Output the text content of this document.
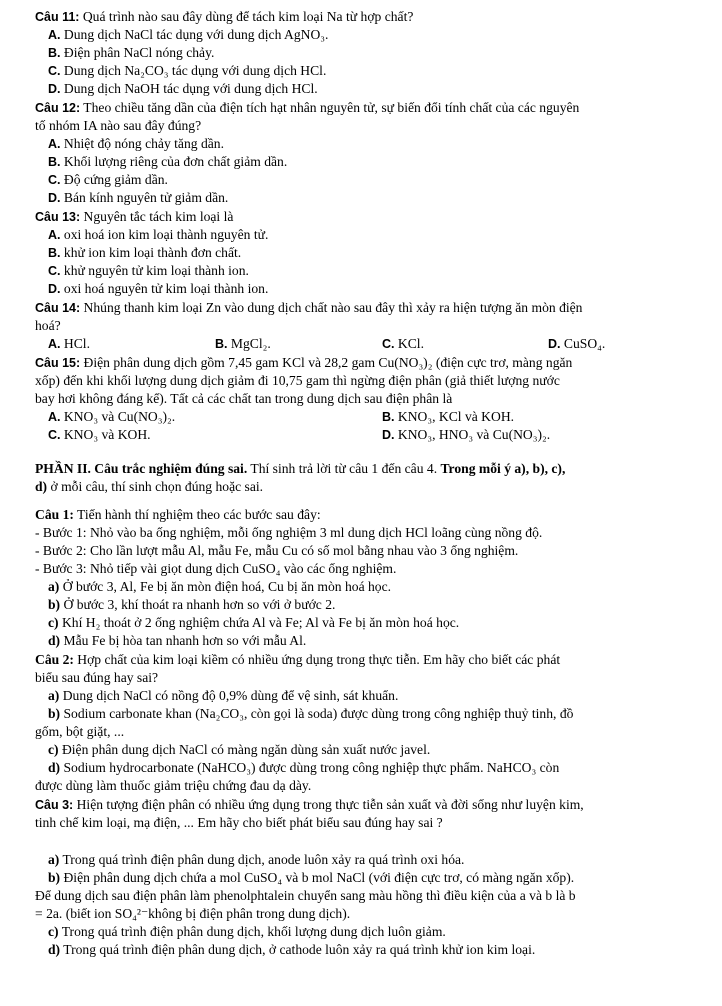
Câu 11: Quá trình nào sau đây dùng để tách kim loại Na từ hợp chất?
A. Dung dịch NaCl tác dụng với dung dịch AgNO₃.
B. Điện phân NaCl nóng chảy.
C. Dung dịch Na₂CO₃ tác dụng với dung dịch HCl.
D. Dung dịch NaOH tác dụng với dung dịch HCl.
Câu 12: Theo chiều tăng dần của điện tích hạt nhân nguyên tử, sự biến đổi tính chất của các nguyên
tố nhóm IA nào sau đây đúng?
A. Nhiệt độ nóng chảy tăng dần.
B. Khối lượng riêng của đơn chất giảm dần.
C. Độ cứng giảm dần.
D. Bán kính nguyên tử giảm dần.
Câu 13: Nguyên tắc tách kim loại là
A. oxi hoá ion kim loại thành nguyên tử.
B. khử ion kim loại thành đơn chất.
C. khử nguyên tử kim loại thành ion.
D. oxi hoá nguyên tử kim loại thành ion.
Câu 14: Nhúng thanh kim loại Zn vào dung dịch chất nào sau đây thì xảy ra hiện tượng ăn mòn điện
hoá?
A. HCl.	B. MgCl₂.	C. KCl.	D. CuSO₄.
Câu 15: Điện phân dung dịch gồm 7,45 gam KCl và 28,2 gam Cu(NO₃)₂ (điện cực trơ, màng ngăn
xốp) đến khi khối lượng dung dịch giảm đi 10,75 gam thì ngừng điện phân (giả thiết lượng nước
bay hơi không đáng kể). Tất cả các chất tan trong dung dịch sau điện phân là
A. KNO₃ và Cu(NO₃)₂.	B. KNO₃, KCl và KOH.
C. KNO₃ và KOH.	D. KNO₃, HNO₃ và Cu(NO₃)₂.
PHẦN II. Câu trắc nghiệm đúng sai. Thí sinh trả lời từ câu 1 đến câu 4. Trong mỗi ý a), b), c),
d) ở mỗi câu, thí sinh chọn đúng hoặc sai.
Câu 1: Tiến hành thí nghiệm theo các bước sau đây:
- Bước 1: Nhỏ vào ba ống nghiệm, mỗi ống nghiệm 3 ml dung dịch HCl loãng cùng nồng độ.
- Bước 2: Cho lần lượt mẫu Al, mẫu Fe, mẫu Cu có số mol bằng nhau vào 3 ống nghiệm.
- Bước 3: Nhỏ tiếp vài giọt dung dịch CuSO₄ vào các ống nghiệm.
a) Ở bước 3, Al, Fe bị ăn mòn điện hoá, Cu bị ăn mòn hoá học.
b) Ở bước 3, khí thoát ra nhanh hơn so với ở bước 2.
c) Khí H₂ thoát ở 2 ống nghiệm chứa Al và Fe; Al và Fe bị ăn mòn hoá học.
d) Mẫu Fe bị hòa tan nhanh hơn so với mẫu Al.
Câu 2: Hợp chất của kim loại kiềm có nhiều ứng dụng trong thực tiễn. Em hãy cho biết các phát
biểu sau đúng hay sai?
a) Dung dịch NaCl có nồng độ 0,9% dùng để vệ sinh, sát khuẩn.
b) Sodium carbonate khan (Na₂CO₃, còn gọi là soda) được dùng trong công nghiệp thuỷ tinh, đồ
gốm, bột giặt, ...
c) Điện phân dung dịch NaCl có màng ngăn dùng sản xuất nước javel.
d) Sodium hydrocarbonate (NaHCO₃) được dùng trong công nghiệp thực phẩm. NaHCO₃ còn
được dùng làm thuốc giảm triệu chứng đau dạ dày.
Câu 3: Hiện tượng điện phân có nhiều ứng dụng trong thực tiễn sản xuất và đời sống như luyện kim,
tinh chế kim loại, mạ điện, ... Em hãy cho biết phát biểu sau đúng hay sai ?
a) Trong quá trình điện phân dung dịch, anode luôn xảy ra quá trình oxi hóa.
b) Điện phân dung dịch chứa a mol CuSO₄ và b mol NaCl (với điện cực trơ, có màng ngăn xốp).
Để dung dịch sau điện phân làm phenolphtalein chuyển sang màu hồng thì điều kiện của a và b là b
= 2a. (biết ion SO₄²⁻không bị điện phân trong dung dịch).
c) Trong quá trình điện phân dung dịch, khối lượng dung dịch luôn giảm.
d) Trong quá trình điện phân dung dịch, ở cathode luôn xảy ra quá trình khử ion kim loại.
